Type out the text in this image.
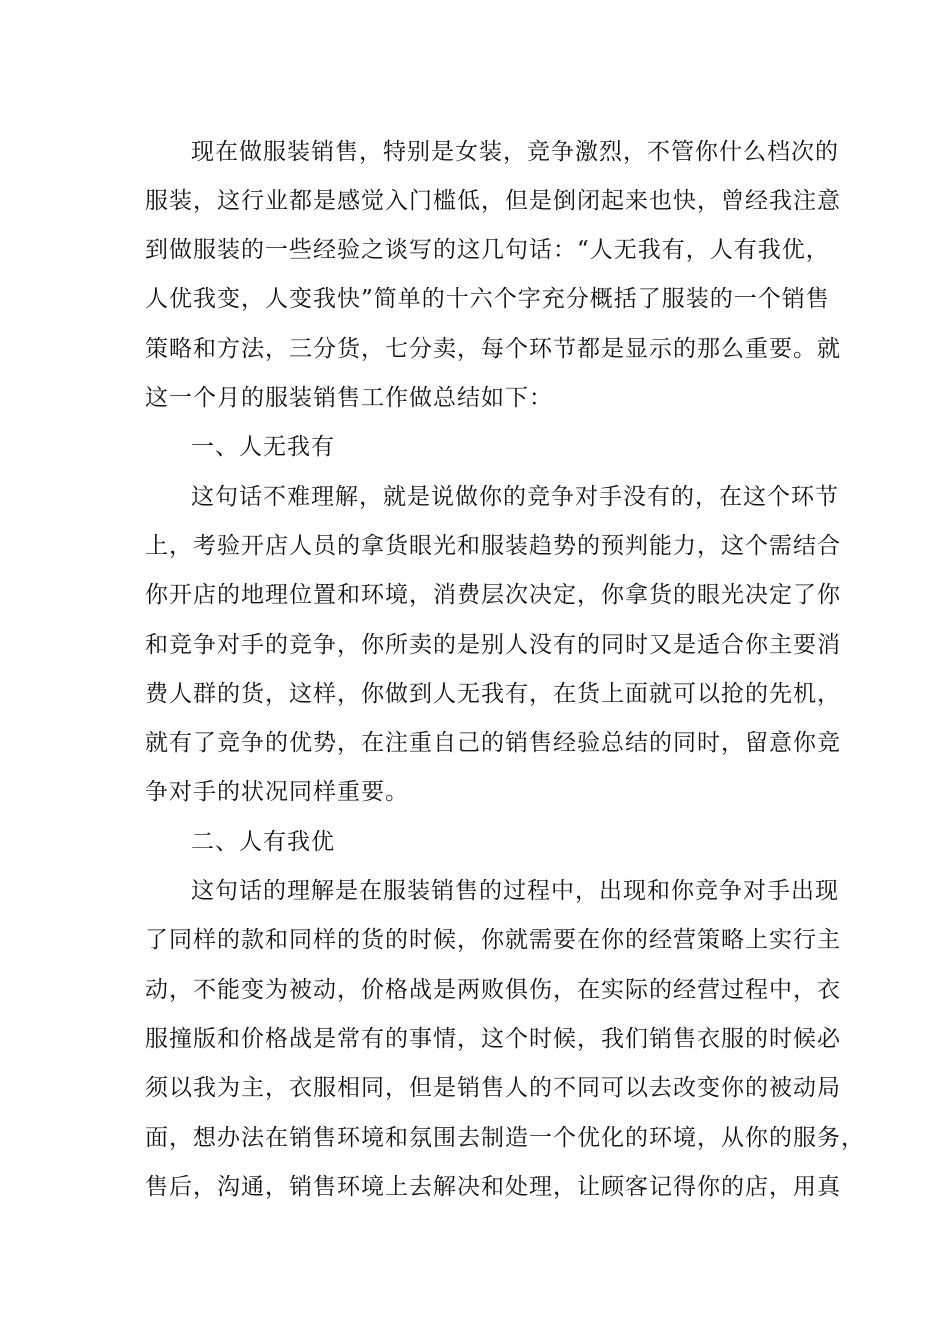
现在做服装销售，特别是女装，竞争激烈，不管你什么档次的
服装，这行业都是感觉入门槛低，但是倒闭起来也快，曾经我注意
到做服装的一些经验之谈写的这几句话：“人无我有，人有我优，
人优我变，人变我快”简单的十六个字充分概括了服装的一个销售
策略和方法，三分货，七分卖，每个环节都是显示的那么重要。就
这一个月的服装销售工作做总结如下：
一、人无我有
这句话不难理解，就是说做你的竞争对手没有的，在这个环节
上，考验开店人员的拿货眼光和服装趋势的预判能力，这个需结合
你开店的地理位置和环境，消费层次决定，你拿货的眼光决定了你
和竞争对手的竞争，你所卖的是别人没有的同时又是适合你主要消
费人群的货，这样，你做到人无我有，在货上面就可以抢的先机，
就有了竞争的优势，在注重自己的销售经验总结的同时，留意你竞
争对手的状况同样重要。
二、人有我优
这句话的理解是在服装销售的过程中，出现和你竞争对手出现
了同样的款和同样的货的时候，你就需要在你的经营策略上实行主
动，不能变为被动，价格战是两败俱伤，在实际的经营过程中，衣
服撞版和价格战是常有的事情，这个时候，我们销售衣服的时候必
须以我为主，衣服相同，但是销售人的不同可以去改变你的被动局
面，想办法在销售环境和氛围去制造一个优化的环境，从你的服务，
售后，沟通，销售环境上去解决和处理，让顾客记得你的店，用真
